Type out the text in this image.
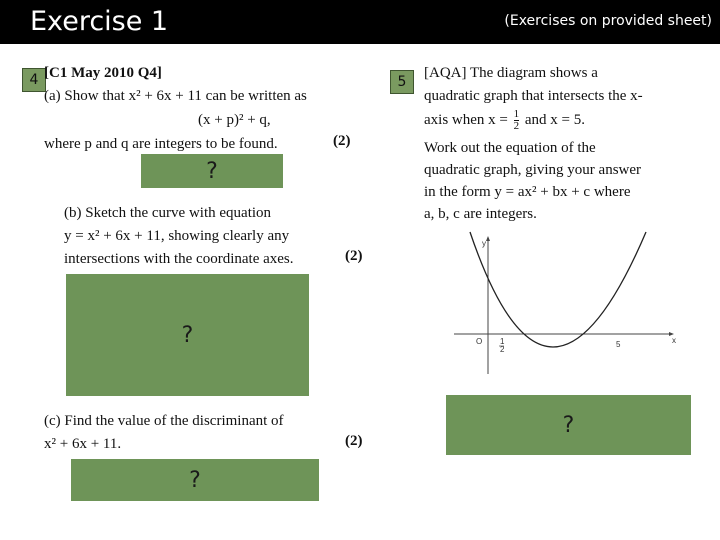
Exercise 1	(Exercises on provided sheet)
4 [C1 May 2010 Q4]
(a) Show that x² + 6x + 11 can be written as
(x + p)² + q,
where p and q are integers to be found.	(2)
?
(b) Sketch the curve with equation
y = x² + 6x + 11, showing clearly any
intersections with the coordinate axes.	(2)
?
(c) Find the value of the discriminant of
x² + 6x + 11.	(2)
?
5
[AQA] The diagram shows a
quadratic graph that intersects the x-
axis when $x = \frac{1}{2}$ and x = 5.
Work out the equation of the
quadratic graph, giving your answer
in the form y = ax² + bx + c where
a, b, c are integers.
y
x
O 1
2
5
?
